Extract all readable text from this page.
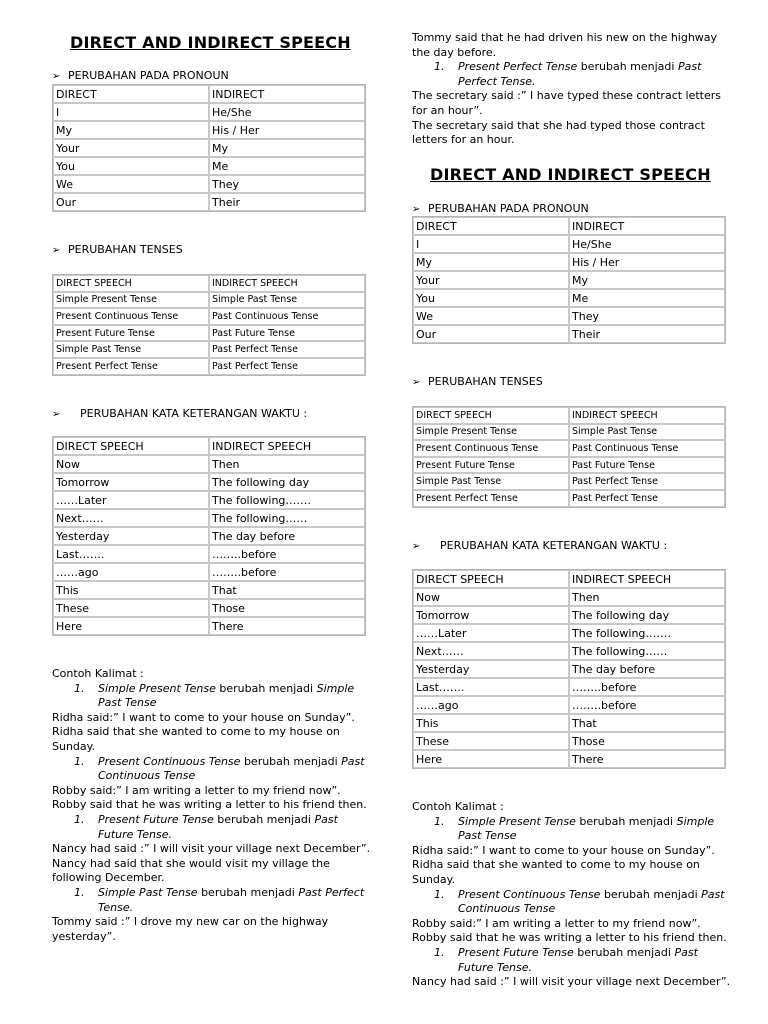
DIRECT AND INDIRECT SPEECH
➢ PERUBAHAN PADA PRONOUN
DIRECT	INDIRECT
I	He/She
My	His / Her
Your	My
You	Me
We	They
Our	Their
➢ PERUBAHAN TENSES
DIRECT SPEECH	INDIRECT SPEECH
Simple Present Tense	Simple Past Tense
Present Continuous Tense	Past Continuous Tense
Present Future Tense	Past Future Tense
Simple Past Tense	Past Perfect Tense
Present Perfect Tense	Past Perfect Tense
➢ PERUBAHAN KATA KETERANGAN WAKTU :
DIRECT SPEECH	INDIRECT SPEECH
Now	Then
Tomorrow	The following day
……Later	The following…….
Next……	The following……
Yesterday	The day before
Last…….	……..before
……ago	……..before
This	That
These	Those
Here	There

Contoh Kalimat :

1.	Simple Present Tense berubah menjadi Simple Past Tense

Ridha said:” I want to come to your house on Sunday”.

Ridha said that she wanted to come to my house on Sunday.

1.	Present Continuous Tense berubah menjadi Past Continuous Tense

Robby said:” I am writing a letter to my friend now”.

Robby said that he was writing a letter to his friend then.

1.	Present Future Tense berubah menjadi Past Future Tense.

Nancy had said :” I will visit your village next December”.

Nancy had said that she would visit my village the following December.

1.	Simple Past Tense berubah menjadi Past Perfect Tense.

Tommy said :” I drove my new car on the highway yesterday”.

Tommy said that he had driven his new on the highway the day before.

1.	Present Perfect Tense berubah menjadi Past Perfect Tense.

The secretary said :” I have typed these contract letters for an hour”.

The secretary said that she had typed those contract letters for an hour.

DIRECT AND INDIRECT SPEECH
➢ PERUBAHAN PADA PRONOUN
DIRECT	INDIRECT
I	He/She
My	His / Her
Your	My
You	Me
We	They
Our	Their
➢ PERUBAHAN TENSES
DIRECT SPEECH	INDIRECT SPEECH
Simple Present Tense	Simple Past Tense
Present Continuous Tense	Past Continuous Tense
Present Future Tense	Past Future Tense
Simple Past Tense	Past Perfect Tense
Present Perfect Tense	Past Perfect Tense
➢ PERUBAHAN KATA KETERANGAN WAKTU :
DIRECT SPEECH	INDIRECT SPEECH
Now	Then
Tomorrow	The following day
……Later	The following…….
Next……	The following……
Yesterday	The day before
Last…….	……..before
……ago	……..before
This	That
These	Those
Here	There

Contoh Kalimat :

1.	Simple Present Tense berubah menjadi Simple Past Tense

Ridha said:” I want to come to your house on Sunday”.

Ridha said that she wanted to come to my house on Sunday.

1.	Present Continuous Tense berubah menjadi Past Continuous Tense

Robby said:” I am writing a letter to my friend now”.

Robby said that he was writing a letter to his friend then.

1.	Present Future Tense berubah menjadi Past Future Tense.

Nancy had said :” I will visit your village next December”.
